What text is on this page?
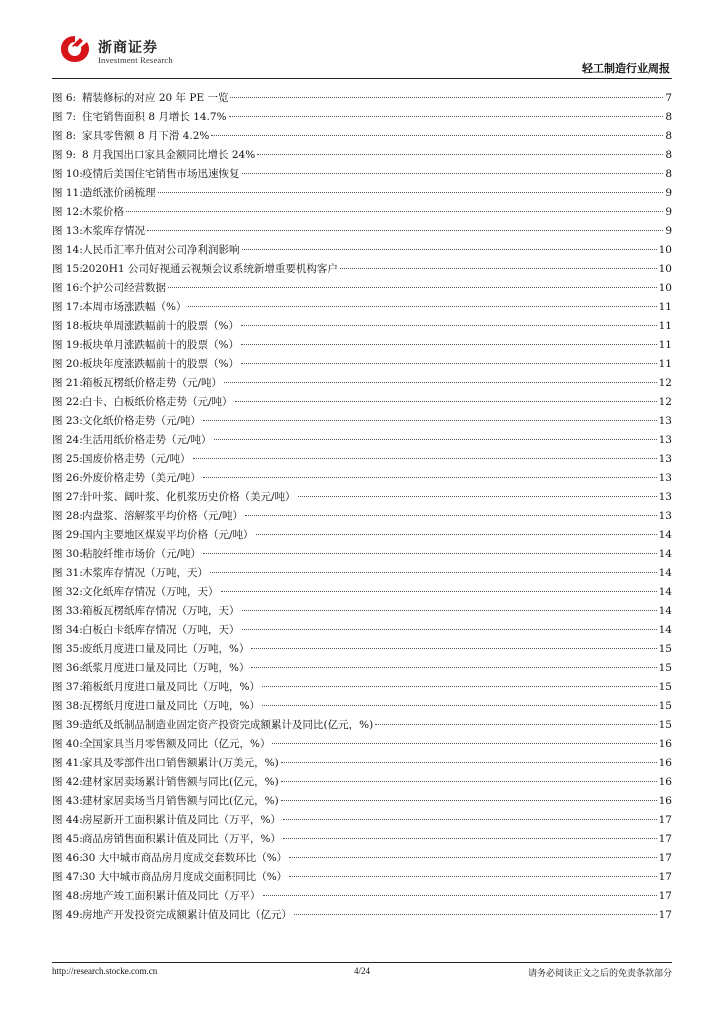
浙商证券
Investment Research
轻工制造行业周报
图 6: 精装修标的对应 20 年 PE 一览	7
图 7: 住宅销售面积 8 月增长 14.7%	8
图 8: 家具零售额 8 月下滑 4.2%	8
图 9: 8 月我国出口家具金额同比增长 24%	8
图 10:疫情后美国住宅销售市场迅速恢复	8
图 11:造纸涨价函梳理	9
图 12:木浆价格	9
图 13:木浆库存情况	9
图 14:人民币汇率升值对公司净利润影响	10
图 15:2020H1 公司好视通云视频会议系统新增重要机构客户	10
图 16:个护公司经营数据	10
图 17:本周市场涨跌幅（%）	11
图 18:板块单周涨跌幅前十的股票（%）	11
图 19:板块单月涨跌幅前十的股票（%）	11
图 20:板块年度涨跌幅前十的股票（%）	11
图 21:箱板瓦楞纸价格走势（元/吨）	12
图 22:白卡、白板纸价格走势（元/吨）	12
图 23:文化纸价格走势（元/吨）	13
图 24:生活用纸价格走势（元/吨）	13
图 25:国废价格走势（元/吨）	13
图 26:外废价格走势（美元/吨）	13
图 27:针叶浆、阔叶浆、化机浆历史价格（美元/吨）	13
图 28:内盘浆、溶解浆平均价格（元/吨）	13
图 29:国内主要地区煤炭平均价格（元/吨）	14
图 30:粘胶纤维市场价（元/吨）	14
图 31:木浆库存情况（万吨，天）	14
图 32:文化纸库存情况（万吨，天）	14
图 33:箱板瓦楞纸库存情况（万吨，天）	14
图 34:白板白卡纸库存情况（万吨，天）	14
图 35:废纸月度进口量及同比（万吨，%）	15
图 36:纸浆月度进口量及同比（万吨，%）	15
图 37:箱板纸月度进口量及同比（万吨，%）	15
图 38:瓦楞纸月度进口量及同比（万吨，%）	15
图 39:造纸及纸制品制造业固定资产投资完成额累计及同比(亿元，%)	15
图 40:全国家具当月零售额及同比（亿元，%）	16
图 41:家具及零部件出口销售额累计(万美元，%)	16
图 42:建材家居卖场累计销售额与同比(亿元，%)	16
图 43:建材家居卖场当月销售额与同比(亿元，%)	16
图 44:房屋新开工面积累计值及同比（万平，%）	17
图 45:商品房销售面积累计值及同比（万平，%）	17
图 46:30 大中城市商品房月度成交套数环比（%）	17
图 47:30 大中城市商品房月度成交面积同比（%）	17
图 48:房地产竣工面积累计值及同比（万平）	17
图 49:房地产开发投资完成额累计值及同比（亿元）	17
http://research.stocke.com.cn	4/24	请务必阅读正文之后的免责条款部分
